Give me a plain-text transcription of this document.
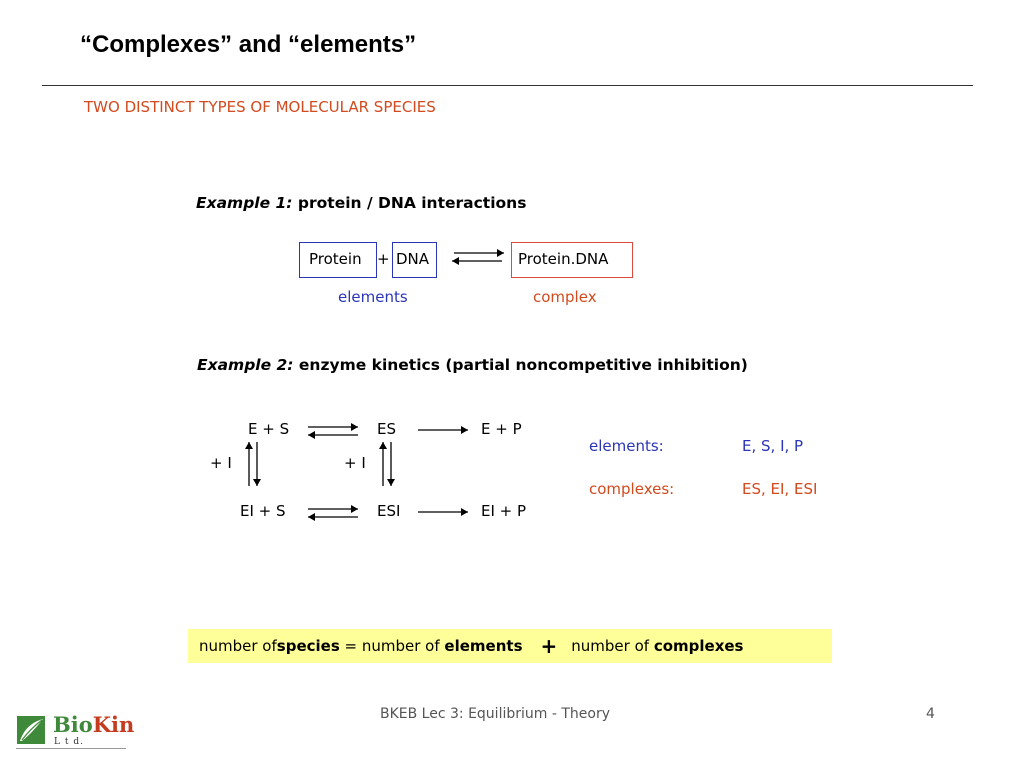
“Complexes” and “elements”
TWO DISTINCT TYPES OF MOLECULAR SPECIES
Example 1: protein / DNA interactions
Protein + DNA ⇌ Protein.DNA
elements	complex
Example 2: enzyme kinetics (partial noncompetitive inhibition)
E + S	ES	E + P
+ I	+ I
EI + S	ESI	EI + P
elements:	E, S, I, P
complexes:	ES, EI, ESI
number of species = number of elements + number of complexes
BKEB Lec 3: Equilibrium - Theory	4
BioKin
L t d.
